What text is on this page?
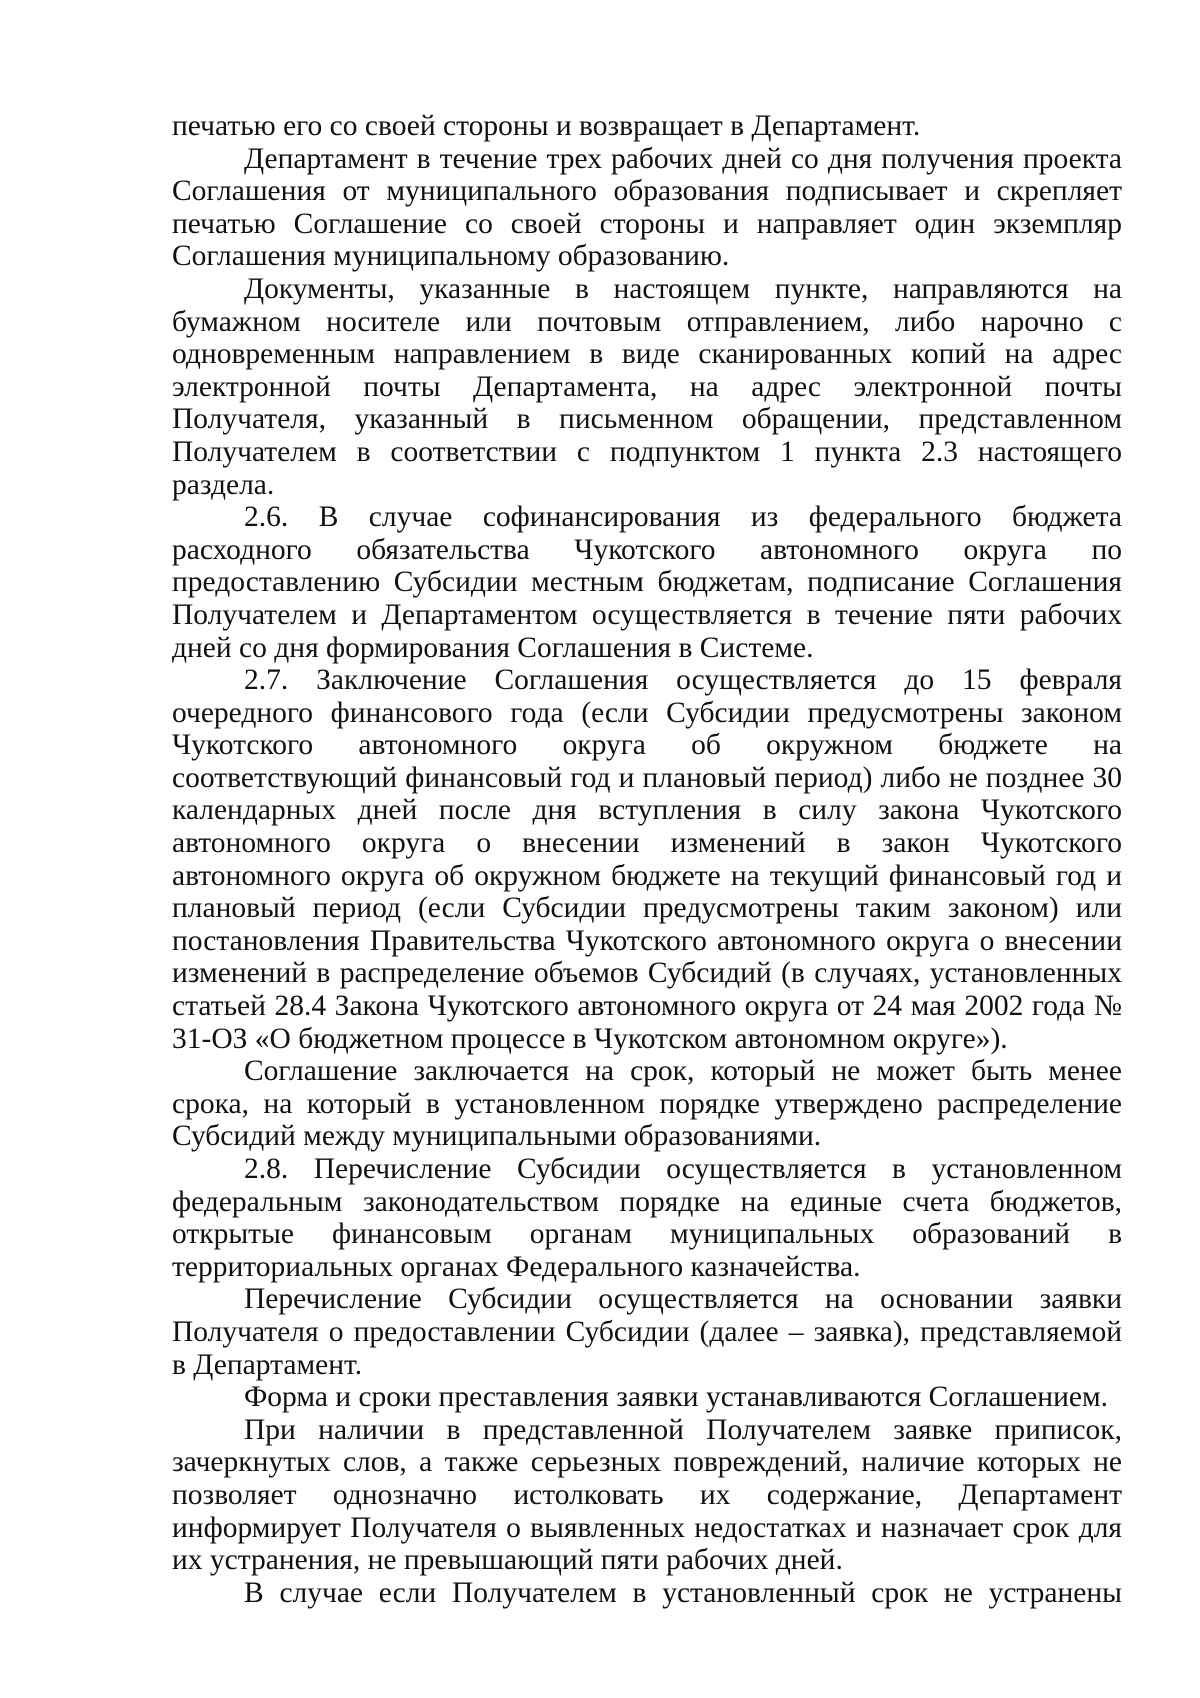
печатью его со своей стороны и возвращает в Департамент.

Департамент в течение трех рабочих дней со дня получения проекта Соглашения от муниципального образования подписывает и скрепляет печатью Соглашение со своей стороны и направляет один экземпляр Соглашения муниципальному образованию.

Документы, указанные в настоящем пункте, направляются на бумажном носителе или почтовым отправлением, либо нарочно с одновременным направлением в виде сканированных копий на адрес электронной почты Департамента, на адрес электронной почты Получателя, указанный в письменном обращении, представленном Получателем в соответствии с подпунктом 1 пункта 2.3 настоящего раздела.

2.6. В случае софинансирования из федерального бюджета расходного обязательства Чукотского автономного округа по предоставлению Субсидии местным бюджетам, подписание Соглашения Получателем и Департаментом осуществляется в течение пяти рабочих дней со дня формирования Соглашения в Системе.

2.7. Заключение Соглашения осуществляется до 15 февраля очередного финансового года (если Субсидии предусмотрены законом Чукотского автономного округа об окружном бюджете на соответствующий финансовый год и плановый период) либо не позднее 30 календарных дней после дня вступления в силу закона Чукотского автономного округа о внесении изменений в закон Чукотского автономного округа об окружном бюджете на текущий финансовый год и плановый период (если Субсидии предусмотрены таким законом) или постановления Правительства Чукотского автономного округа о внесении изменений в распределение объемов Субсидий (в случаях, установленных статьей 28.4 Закона Чукотского автономного округа от 24 мая 2002 года № 31-ОЗ «О бюджетном процессе в Чукотском автономном округе»).

Соглашение заключается на срок, который не может быть менее срока, на который в установленном порядке утверждено распределение Субсидий между муниципальными образованиями.

2.8. Перечисление Субсидии осуществляется в установленном федеральным законодательством порядке на единые счета бюджетов, открытые финансовым органам муниципальных образований в территориальных органах Федерального казначейства.

Перечисление Субсидии осуществляется на основании заявки Получателя о предоставлении Субсидии (далее – заявка), представляемой в Департамент.

Форма и сроки преставления заявки устанавливаются Соглашением.

При наличии в представленной Получателем заявке приписок, зачеркнутых слов, а также серьезных повреждений, наличие которых не позволяет однозначно истолковать их содержание, Департамент информирует Получателя о выявленных недостатках и назначает срок для их устранения, не превышающий пяти рабочих дней.

В случае если Получателем в установленный срок не устранены
